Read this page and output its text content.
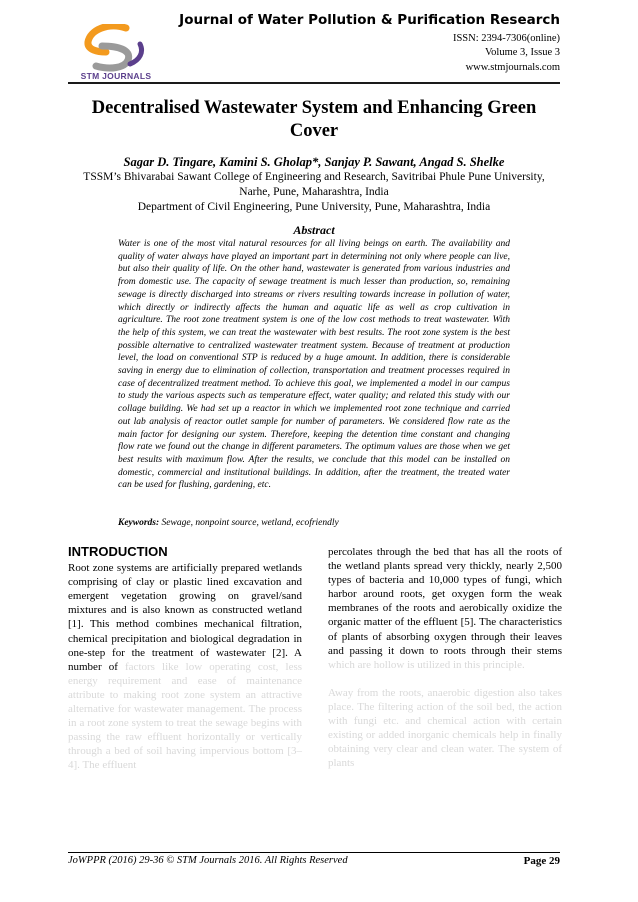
STM JOURNALS
Journal of Water Pollution & Purification Research
ISSN: 2394-7306(online)
Volume 3, Issue 3
www.stmjournals.com
Decentralised Wastewater System and Enhancing Green
Cover
Sagar D. Tingare, Kamini S. Gholap*, Sanjay P. Sawant, Angad S. Shelke
TSSM’s Bhivarabai Sawant College of Engineering and Research, Savitribai Phule Pune University,
Narhe, Pune, Maharashtra, India
Department of Civil Engineering, Pune University, Pune, Maharashtra, India
Abstract
Water is one of the most vital natural resources for all living beings on earth. The availability and quality of water always have played an important part in determining not only where people can live, but also their quality of life. On the other hand, wastewater is generated from various industries and from domestic use. The capacity of sewage treatment is much lesser than production, so, remaining sewage is directly discharged into streams or rivers resulting towards increase in pollution of water, which directly or indirectly affects the human and aquatic life as well as crop cultivation in agriculture. The root zone treatment system is one of the low cost methods to treat wastewater. With the help of this system, we can treat the wastewater with best results. The root zone system is the best possible alternative to centralized wastewater treatment system. Because of treatment at production level, the load on conventional STP is reduced by a huge amount. In addition, there is considerable saving in energy due to elimination of collection, transportation and treatment processes required in case of decentralized treatment method. To achieve this goal, we implemented a model in our campus to study the various aspects such as temperature effect, water quality; and related this study with our collage building. We had set up a reactor in which we implemented root zone technique and carried out lab analysis of reactor outlet sample for number of parameters. We considered flow rate as the main factor for designing our system. Therefore, keeping the detention time constant and changing flow rate we found out the change in different parameters. The optimum values are those when we get best results with maximum flow. After the results, we conclude that this model can be installed on domestic, commercial and institutional buildings. In addition, after the treatment, the treated water can be used for flushing, gardening, etc.
Keywords: Sewage, nonpoint source, wetland, ecofriendly
INTRODUCTION

Root zone systems are artificially prepared wetlands comprising of clay or plastic lined excavation and emergent vegetation growing on gravel/sand mixtures and is also known as constructed wetland [1]. This method combines mechanical filtration, chemical precipitation and biological degradation in one-step for the treatment of wastewater [2]. A number of factors like low operating cost, less energy requirement and ease of maintenance attribute to making root zone system an attractive alternative for wastewater management. The process in a root zone system to treat the sewage begins with passing the raw effluent horizontally or vertically through a bed of soil having impervious bottom [3–4]. The effluent

percolates through the bed that has all the roots of the wetland plants spread very thickly, nearly 2,500 types of bacteria and 10,000 types of fungi, which harbor around roots, get oxygen form the weak membranes of the roots and aerobically oxidize the organic matter of the effluent [5]. The characteristics of plants of absorbing oxygen through their leaves and passing it down to roots through their stems which are hollow is utilized in this principle.

Away from the roots, anaerobic digestion also takes place. The filtering action of the soil bed, the action with fungi etc. and chemical action with certain existing or added inorganic chemicals help in finally obtaining very clear and clean water. The system of plants

JoWPPR (2016) 29-36 © STM Journals 2016. All Rights Reserved	Page 29
